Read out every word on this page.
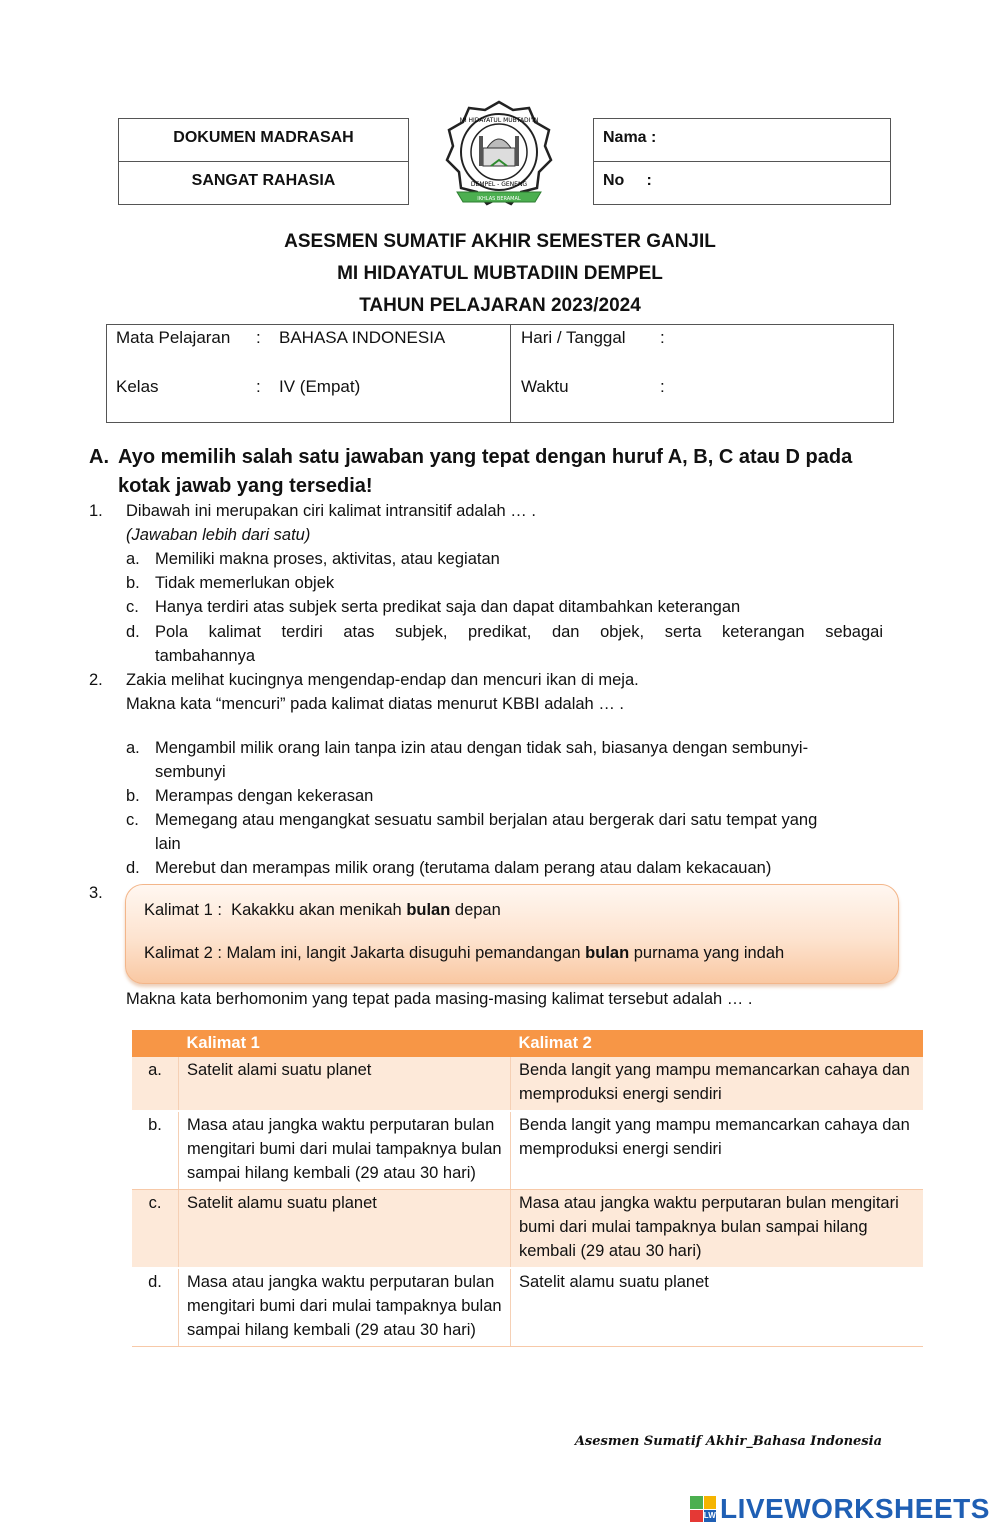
DOKUMEN MADRASAH
SANGAT RAHASIA
Nama :
No     :
MI HIDAYATUL MUBTADI'IN
DEMPEL - GENENG
IKHLAS BERAMAL
ASESMEN SUMATIF AKHIR SEMESTER GANJIL
MI HIDAYATUL MUBTADIIN DEMPEL
TAHUN PELAJARAN 2023/2024
Mata Pelajaran : BAHASA INDONESIA
Kelas	: IV (Empat)
Hari / Tanggal :
Waktu	:
A. Ayo memilih salah satu jawaban yang tepat dengan huruf A, B, C atau D pada
kotak jawab yang tersedia!
1. Dibawah ini merupakan ciri kalimat intransitif adalah … .
(Jawaban lebih dari satu)
a. Memiliki makna proses, aktivitas, atau kegiatan
b. Tidak memerlukan objek
c. Hanya terdiri atas subjek serta predikat saja dan dapat ditambahkan keterangan
d. Pola kalimat terdiri atas subjek, predikat, dan objek, serta keterangan sebagai
tambahannya
2. Zakia melihat kucingnya mengendap-endap dan mencuri ikan di meja.
Makna kata “mencuri” pada kalimat diatas menurut KBBI adalah … .
a. Mengambil milik orang lain tanpa izin atau dengan tidak sah, biasanya dengan sembunyi-
sembunyi
b. Merampas dengan kekerasan
c. Memegang atau mengangkat sesuatu sambil berjalan atau bergerak dari satu tempat yang
lain
d. Merebut dan merampas milik orang (terutama dalam perang atau dalam kekacauan)
3.
Kalimat 1 :  Kakakku akan menikah bulan depan
Kalimat 2 : Malam ini, langit Jakarta disuguhi pemandangan bulan purnama yang indah
Makna kata berhomonim yang tepat pada masing-masing kalimat tersebut adalah … .
	Kalimat 1	Kalimat 2
a.	Satelit alami suatu planet	Benda langit yang mampu memancarkan cahaya dan memproduksi energi sendiri
b.	Masa atau jangka waktu perputaran bulan mengitari bumi dari mulai tampaknya bulan sampai hilang kembali (29 atau 30 hari)	Benda langit yang mampu memancarkan cahaya dan memproduksi energi sendiri
c.	Satelit alamu suatu planet	Masa atau jangka waktu perputaran bulan mengitari bumi dari mulai tampaknya bulan sampai hilang kembali (29 atau 30 hari)
d.	Masa atau jangka waktu perputaran bulan mengitari bumi dari mulai tampaknya bulan sampai hilang kembali (29 atau 30 hari)	Satelit alamu suatu planet
Asesmen Sumatif Akhir_Bahasa Indonesia
LW LIVEWORKSHEETS
